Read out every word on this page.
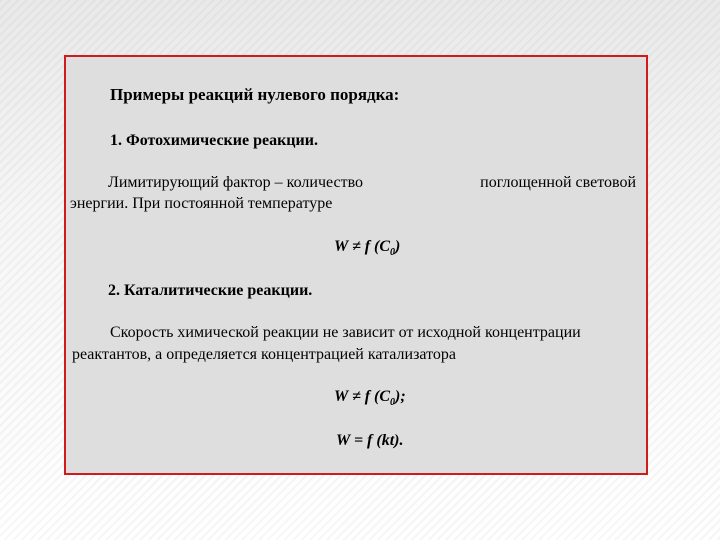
Примеры реакций нулевого порядка:
1. Фотохимические реакции.
Лимитирующий фактор – количество	поглощенной световой
энергии. При постоянной температуре
W ≠ f $(C_0)$
2. Каталитические реакции.
Скорость химической реакции не зависит от исходной концентрации
реактантов, а определяется концентрацией катализатора
W ≠ f $(C_0)$;
W = f (kt).
